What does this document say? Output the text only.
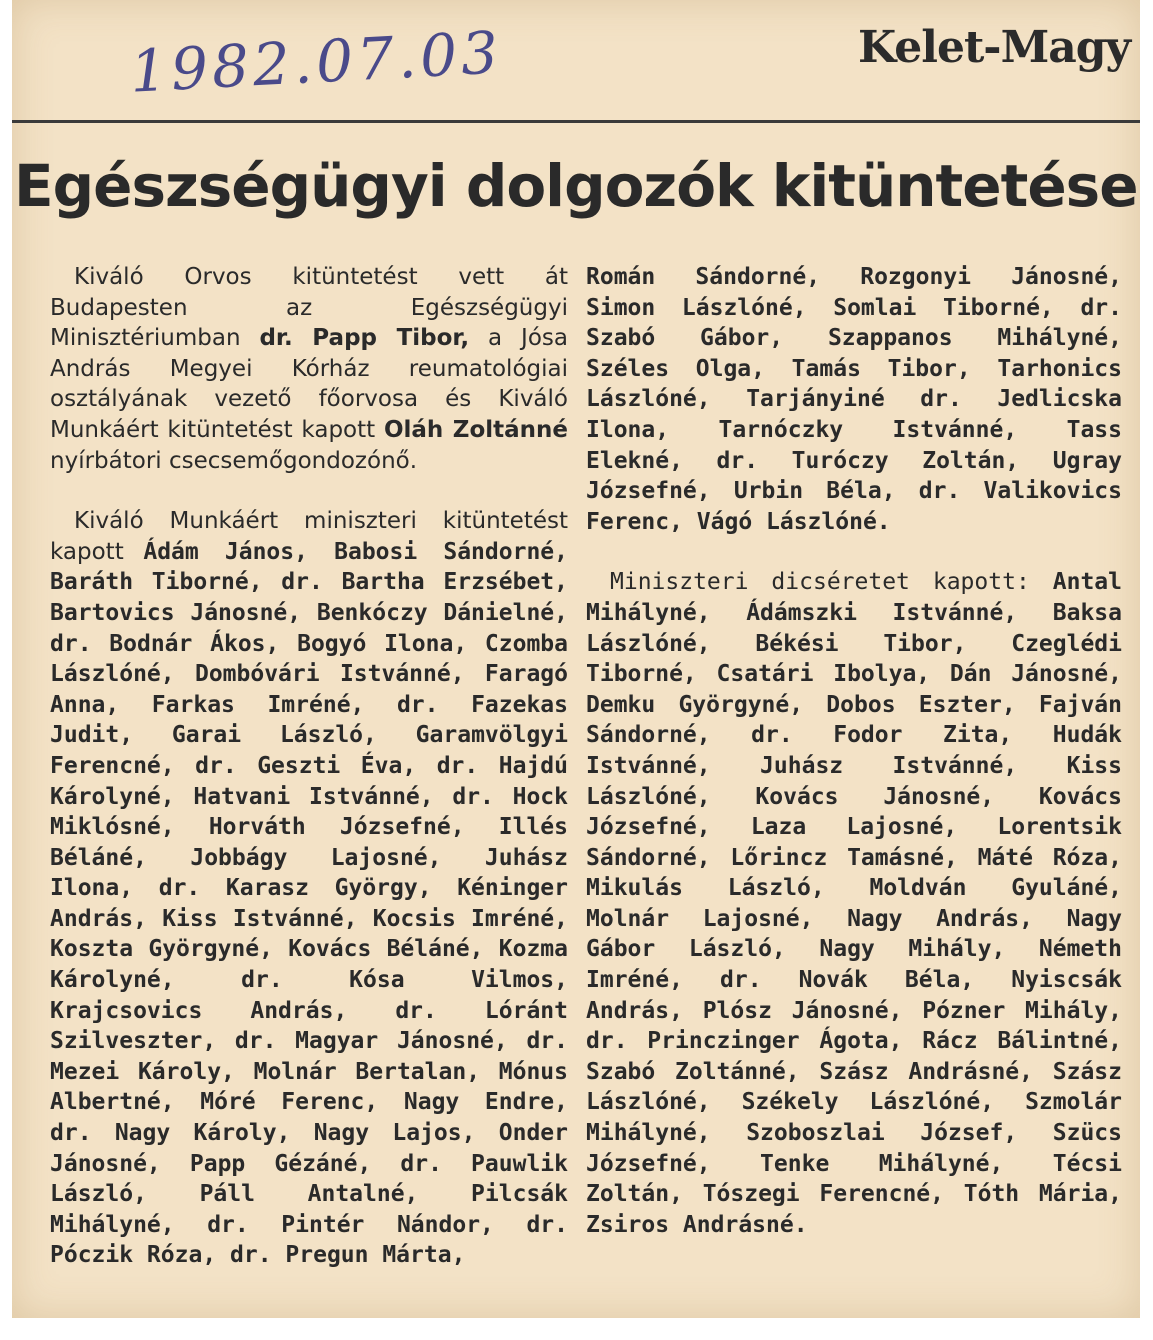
1982.07.03	Kelet-Magy
Egészségügyi dolgozók kitüntetése

Kiváló Orvos kitüntetést vett át Budapesten az Egészségügyi Minisztériumban dr. Papp Tibor, a Jósa András Megyei Kórház reumatológiai osztályának vezető főorvosa és Kiváló Munkáért kitüntetést kapott Oláh Zoltánné nyírbátori csecsemőgondozónő.

Kiváló Munkáért miniszteri kitüntetést kapott Ádám János, Babosi Sándorné, Baráth Tiborné, dr. Bartha Erzsébet, Bartovics Jánosné, Benkóczy Dánielné, dr. Bodnár Ákos, Bogyó Ilona, Czomba Lászlóné, Dombóvári Istvánné, Faragó Anna, Farkas Imréné, dr. Fazekas Judit, Garai László, Garamvölgyi Ferencné, dr. Geszti Éva, dr. Hajdú Károlyné, Hatvani Istvánné, dr. Hock Miklósné, Horváth Józsefné, Illés Béláné, Jobbágy Lajosné, Juhász Ilona, dr. Karasz György, Kéninger András, Kiss Istvánné, Kocsis Imréné, Koszta Györgyné, Kovács Béláné, Kozma Károlyné, dr. Kósa Vilmos, Krajcsovics András, dr. Lóránt Szilveszter, dr. Magyar Jánosné, dr. Mezei Károly, Molnár Bertalan, Mónus Albertné, Móré Ferenc, Nagy Endre, dr. Nagy Károly, Nagy Lajos, Onder Jánosné, Papp Gézáné, dr. Pauwlik László, Páll Antalné, Pilcsák Mihályné, dr. Pintér Nándor, dr. Póczik Róza, dr. Pregun Márta,

Román Sándorné, Rozgonyi Jánosné, Simon Lászlóné, Somlai Tiborné, dr. Szabó Gábor, Szappanos Mihályné, Széles Olga, Tamás Tibor, Tarhonics Lászlóné, Tarjányiné dr. Jedlicska Ilona, Tarnóczky Istvánné, Tass Elekné, dr. Turóczy Zoltán, Ugray Józsefné, Urbin Béla, dr. Valikovics Ferenc, Vágó Lászlóné.

Miniszteri dicséretet kapott: Antal Mihályné, Ádámszki Istvánné, Baksa Lászlóné, Békési Tibor, Czeglédi Tiborné, Csatári Ibolya, Dán Jánosné, Demku Györgyné, Dobos Eszter, Fajván Sándorné, dr. Fodor Zita, Hudák Istvánné, Juhász Istvánné, Kiss Lászlóné, Kovács Jánosné, Kovács Józsefné, Laza Lajosné, Lorentsik Sándorné, Lőrincz Tamásné, Máté Róza, Mikulás László, Moldván Gyuláné, Molnár Lajosné, Nagy András, Nagy Gábor László, Nagy Mihály, Németh Imréné, dr. Novák Béla, Nyiscsák András, Plósz Jánosné, Pózner Mihály, dr. Princzinger Ágota, Rácz Bálintné, Szabó Zoltánné, Szász Andrásné, Szász Lászlóné, Székely Lászlóné, Szmolár Mihályné, Szoboszlai József, Szücs Józsefné, Tenke Mihályné, Técsi Zoltán, Tószegi Ferencné, Tóth Mária, Zsiros Andrásné.
